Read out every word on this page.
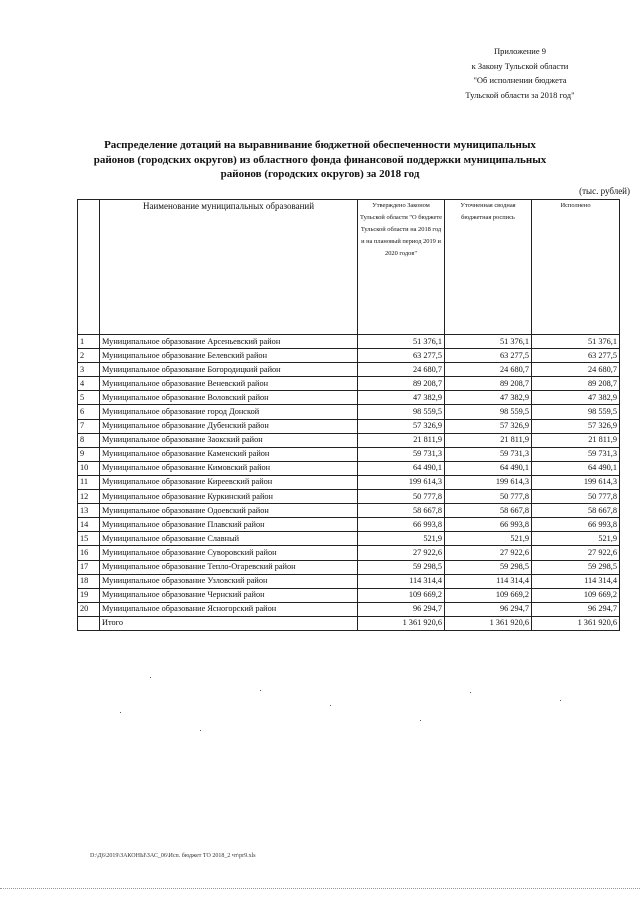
Приложение 9
к Закону Тульской области
"Об исполнении бюджета
Тульской области за 2018 год"
Распределение дотаций на выравнивание бюджетной обеспеченности муниципальных
районов (городских округов) из областного фонда финансовой поддержки муниципальных
районов (городских округов) за 2018 год
(тыс. рублей)
	Наименование муниципальных образований	Утверждено Законом Тульской области "О бюджете Тульской области на 2018 год и на плановый период 2019 и 2020 годов"	Уточненная сводная бюджетная роспись	Исполнено
1	Муниципальное образование Арсеньевский район	51 376,1	51 376,1	51 376,1
2	Муниципальное образование Белевский район	63 277,5	63 277,5	63 277,5
3	Муниципальное образование Богородицкий район	24 680,7	24 680,7	24 680,7
4	Муниципальное образование Веневский район	89 208,7	89 208,7	89 208,7
5	Муниципальное образование Воловский район	47 382,9	47 382,9	47 382,9
6	Муниципальное образование город Донской	98 559,5	98 559,5	98 559,5
7	Муниципальное образование Дубенский район	57 326,9	57 326,9	57 326,9
8	Муниципальное образование Заокский район	21 811,9	21 811,9	21 811,9
9	Муниципальное образование Каменский район	59 731,3	59 731,3	59 731,3
10	Муниципальное образование Кимовский район	64 490,1	64 490,1	64 490,1
11	Муниципальное образование Киреевский район	199 614,3	199 614,3	199 614,3
12	Муниципальное образование Куркинский район	50 777,8	50 777,8	50 777,8
13	Муниципальное образование Одоевский район	58 667,8	58 667,8	58 667,8
14	Муниципальное образование Плавский район	66 993,8	66 993,8	66 993,8
15	Муниципальное образование Славный	521,9	521,9	521,9
16	Муниципальное образование Суворовский район	27 922,6	27 922,6	27 922,6
17	Муниципальное образование Тепло-Огаревский район	59 298,5	59 298,5	59 298,5
18	Муниципальное образование Узловский район	114 314,4	114 314,4	114 314,4
19	Муниципальное образование Чернский район	109 669,2	109 669,2	109 669,2
20	Муниципальное образование Ясногорский район	96 294,7	96 294,7	96 294,7
	Итого	1 361 920,6	1 361 920,6	1 361 920,6
D:\Д6\2019\ЗАКОНЫ\ЗАС_06\Исп. бюджет ТО 2018_2 чт\pr9.xls
